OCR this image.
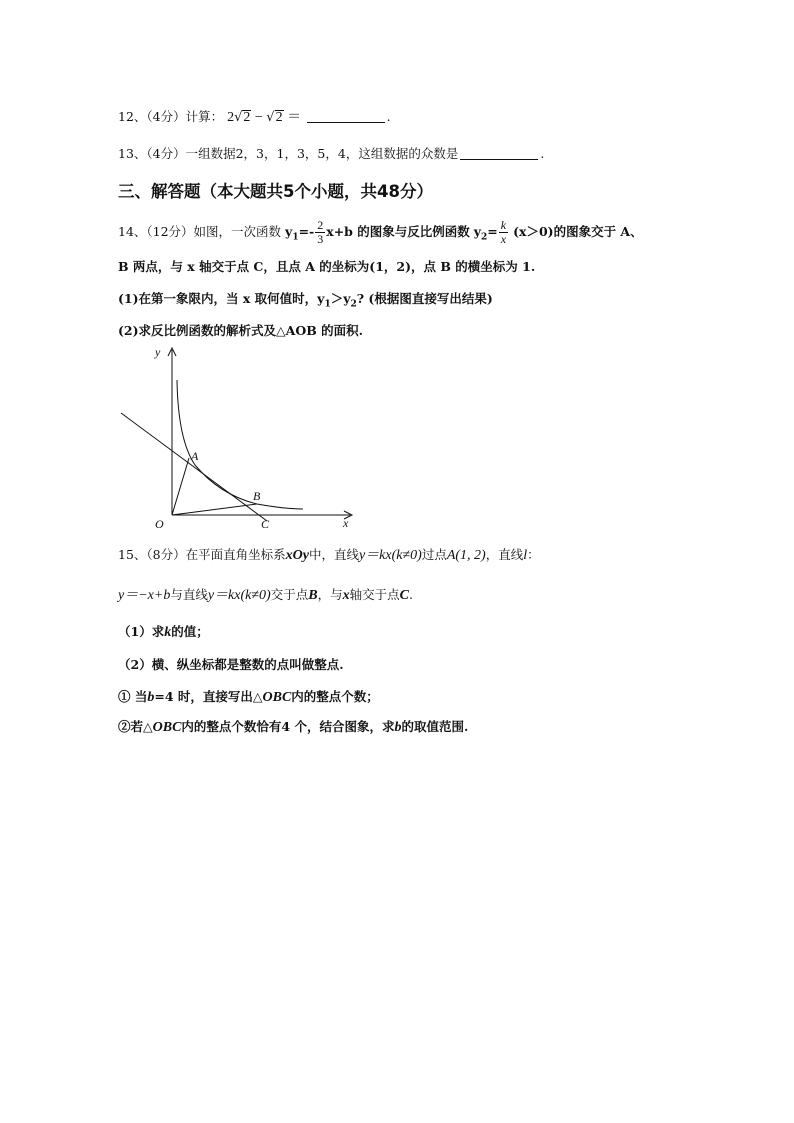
12、（4分）计算： 2√2 − √2 ＝	.
13、（4分）一组数据2，3，1，3，5，4，这组数据的众数是	.
三、解答题（本大题共5个小题，共48分）
14、（12分）如图，一次函数 $y_1=- \frac{2}{3} x+b$ 的图象与反比例函数 $y_2= \frac{k}{x} (x>0)$的图象交于 A、
B 两点，与 x 轴交于点 C，且点 A 的坐标为(1，2)，点 B 的横坐标为 1.
(1)在第一象限内，当 x 取何值时，$y_1>y_2$? (根据图直接写出结果)
(2)求反比例函数的解析式及△AOB 的面积.
y
x
O
A
B
C
15、（8分）在平面直角坐标系xOy中，直线y＝kx(k≠0)过点A(1, 2)，直线l：
y＝−x+b与直线y＝kx(k≠0)交于点B，与x轴交于点C.
（1）求k的值；
（2）横、纵坐标都是整数的点叫做整点.
① 当b=4 时，直接写出△OBC内的整点个数；
②若△OBC内的整点个数恰有4 个，结合图象，求b的取值范围.
